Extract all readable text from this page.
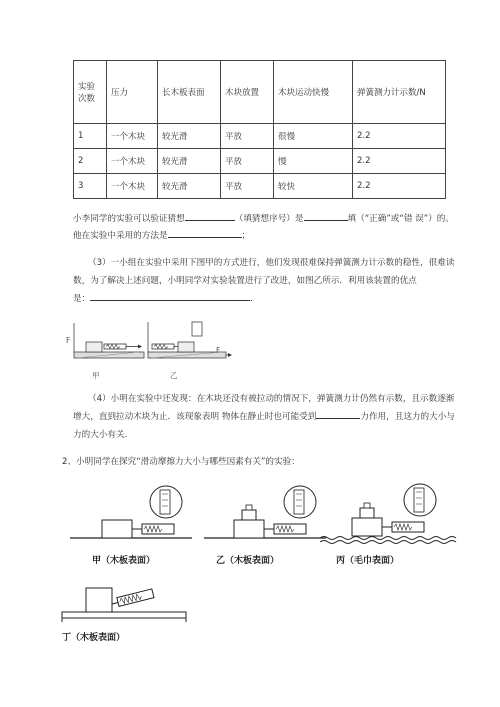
实验
次数	压力	长木板表面	木块放置	木块运动快慢	弹簧测力计示数/N
1	一个木块	较光滑	平放	很慢	2.2
2	一个木块	较光滑	平放	慢	2.2
3	一个木块	较光滑	平放	较快	2.2
小李同学的实验可以验证猜想	（填猜想序号）是	填（“正确”或“错 误”）的。
他在实验中采用的方法是	；
（3）一小组在实验中采用下图甲的方式进行，他们发现很难保持弹簧测力计示数的稳性，很难读
数，为了解决上述问题，小明同学对实验装置进行了改进，如图乙所示．利用该装置的优点
是：	．
F
F
甲	乙
（4）小明在实验中还发现：在木块还没有被拉动的情况下，弹簧测力计仍然有示数，且示数逐渐
增大，直到拉动木块为止．该现象表明 物体在静止时也可能受到	力作用，且这力的大小与
力的大小有关．
2、小明同学在探究“滑动摩擦力大小与哪些因素有关”的实验：
甲（木板表面）	乙（木板表面）	丙（毛巾表面）
丁（木板表面）
